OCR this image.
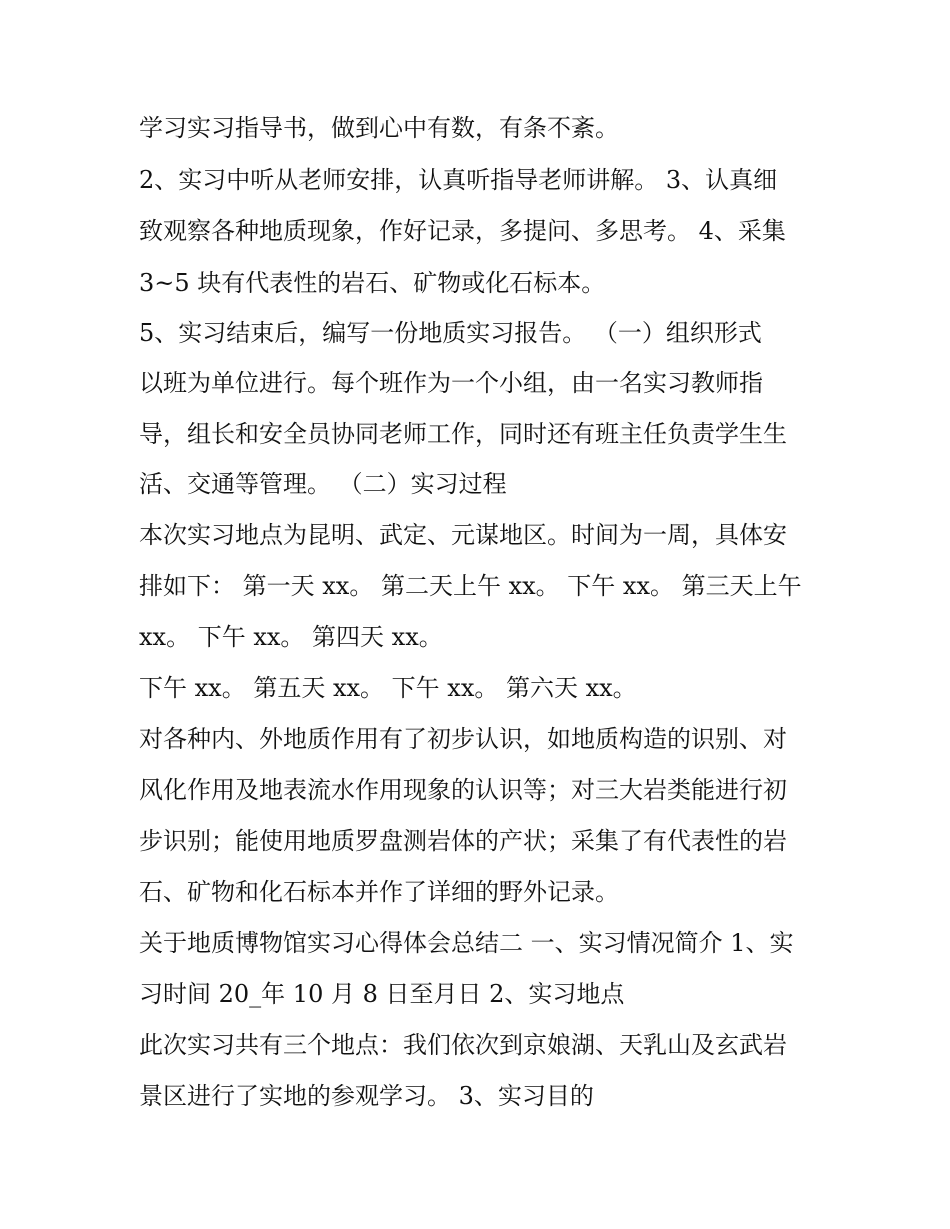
学习实习指导书，做到心中有数，有条不紊。
2、实习中听从老师安排，认真听指导老师讲解。 3、认真细
致观察各种地质现象，作好记录，多提问、多思考。 4、采集
3~5 块有代表性的岩石、矿物或化石标本。
5、实习结束后，编写一份地质实习报告。 （一）组织形式
以班为单位进行。每个班作为一个小组，由一名实习教师指
导，组长和安全员协同老师工作，同时还有班主任负责学生生
活、交通等管理。 （二）实习过程
本次实习地点为昆明、武定、元谋地区。时间为一周，具体安
排如下： 第一天 xx。 第二天上午 xx。 下午 xx。 第三天上午
xx。 下午 xx。 第四天 xx。
下午 xx。 第五天 xx。 下午 xx。 第六天 xx。
对各种内、外地质作用有了初步认识，如地质构造的识别、对
风化作用及地表流水作用现象的认识等；对三大岩类能进行初
步识别；能使用地质罗盘测岩体的产状；采集了有代表性的岩
石、矿物和化石标本并作了详细的野外记录。
关于地质博物馆实习心得体会总结二 一、实习情况简介 1、实
习时间 20_年 10 月 8 日至月日 2、实习地点
此次实习共有三个地点：我们依次到京娘湖、天乳山及玄武岩
景区进行了实地的参观学习。 3、实习目的
